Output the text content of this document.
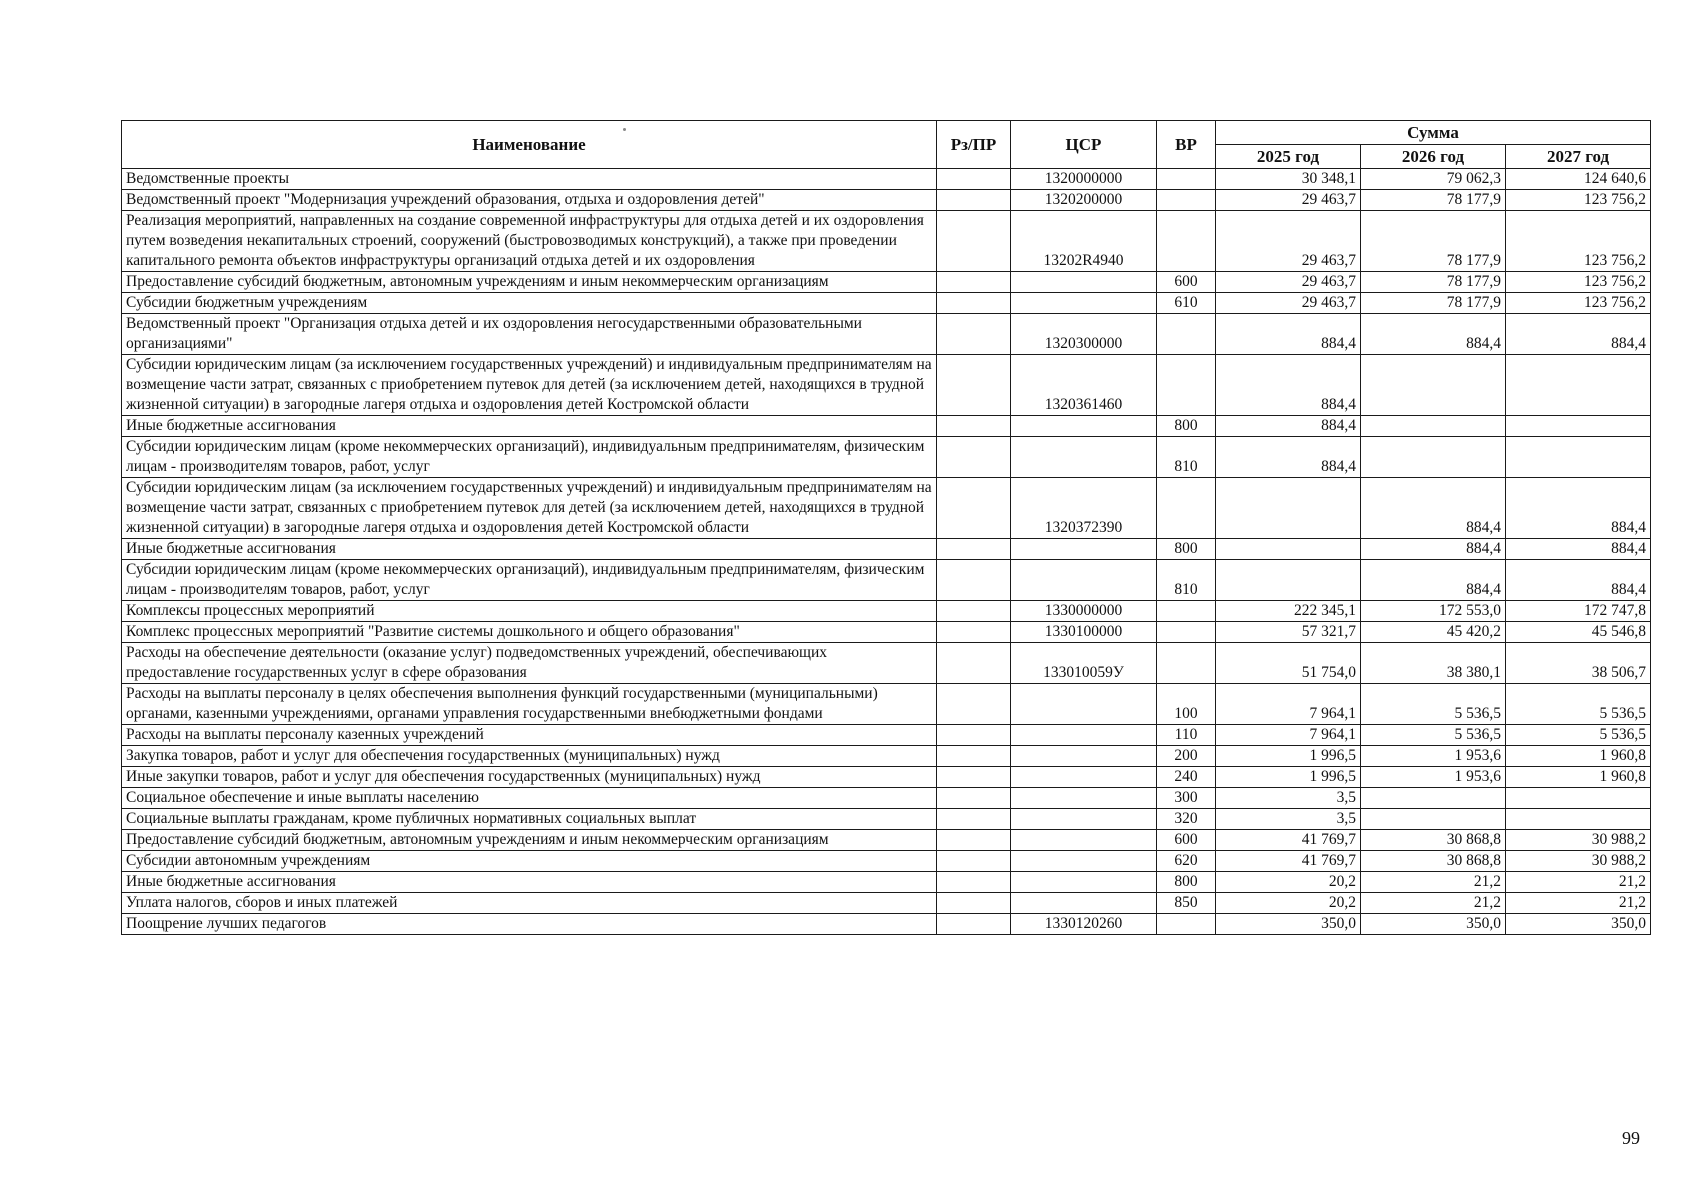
Наименование	Рз/ПР	ЦСР	ВР	Сумма		
				2025 год	2026 год	2027 год
Ведомственные проекты		1320000000		30 348,1	79 062,3	124 640,6
Ведомственный проект "Модернизация учреждений образования, отдыха и оздоровления детей"		1320200000		29 463,7	78 177,9	123 756,2
Реализация мероприятий, направленных на создание современной инфраструктуры для отдыха детей и их оздоровления путем возведения некапитальных строений, сооружений (быстровозводимых конструкций), а также при проведении капитального ремонта объектов инфраструктуры организаций отдыха детей и их оздоровления		13202R4940		29 463,7	78 177,9	123 756,2
Предоставление субсидий бюджетным, автономным учреждениям и иным некоммерческим организациям			600	29 463,7	78 177,9	123 756,2
Субсидии бюджетным учреждениям			610	29 463,7	78 177,9	123 756,2
Ведомственный проект "Организация отдыха детей и их оздоровления негосударственными образовательными организациями"		1320300000		884,4	884,4	884,4
Субсидии юридическим лицам (за исключением государственных учреждений) и индивидуальным предпринимателям на возмещение части затрат, связанных с приобретением путевок для детей (за исключением детей, находящихся в трудной жизненной ситуации) в загородные лагеря отдыха и оздоровления детей Костромской области		1320361460		884,4		
Иные бюджетные ассигнования			800	884,4		
Субсидии юридическим лицам (кроме некоммерческих организаций), индивидуальным предпринимателям, физическим лицам - производителям товаров, работ, услуг			810	884,4		
Субсидии юридическим лицам (за исключением государственных учреждений) и индивидуальным предпринимателям на возмещение части затрат, связанных с приобретением путевок для детей (за исключением детей, находящихся в трудной жизненной ситуации) в загородные лагеря отдыха и оздоровления детей Костромской области		1320372390			884,4	884,4
Иные бюджетные ассигнования			800		884,4	884,4
Субсидии юридическим лицам (кроме некоммерческих организаций), индивидуальным предпринимателям, физическим лицам - производителям товаров, работ, услуг			810		884,4	884,4
Комплексы процессных мероприятий		1330000000		222 345,1	172 553,0	172 747,8
Комплекс процессных мероприятий "Развитие системы дошкольного и общего образования"		1330100000		57 321,7	45 420,2	45 546,8
Расходы на обеспечение деятельности (оказание услуг) подведомственных учреждений, обеспечивающих предоставление государственных услуг в сфере образования		133010059У		51 754,0	38 380,1	38 506,7
Расходы на выплаты персоналу в целях обеспечения выполнения функций государственными (муниципальными) органами, казенными учреждениями, органами управления государственными внебюджетными фондами			100	7 964,1	5 536,5	5 536,5
Расходы на выплаты персоналу казенных учреждений			110	7 964,1	5 536,5	5 536,5
Закупка товаров, работ и услуг для обеспечения государственных (муниципальных) нужд			200	1 996,5	1 953,6	1 960,8
Иные закупки товаров, работ и услуг для обеспечения государственных (муниципальных) нужд			240	1 996,5	1 953,6	1 960,8
Социальное обеспечение и иные выплаты населению			300	3,5		
Социальные выплаты гражданам, кроме публичных нормативных социальных выплат			320	3,5		
Предоставление субсидий бюджетным, автономным учреждениям и иным некоммерческим организациям			600	41 769,7	30 868,8	30 988,2
Субсидии автономным учреждениям			620	41 769,7	30 868,8	30 988,2
Иные бюджетные ассигнования			800	20,2	21,2	21,2
Уплата налогов, сборов и иных платежей			850	20,2	21,2	21,2
Поощрение лучших педагогов		1330120260		350,0	350,0	350,0
99
